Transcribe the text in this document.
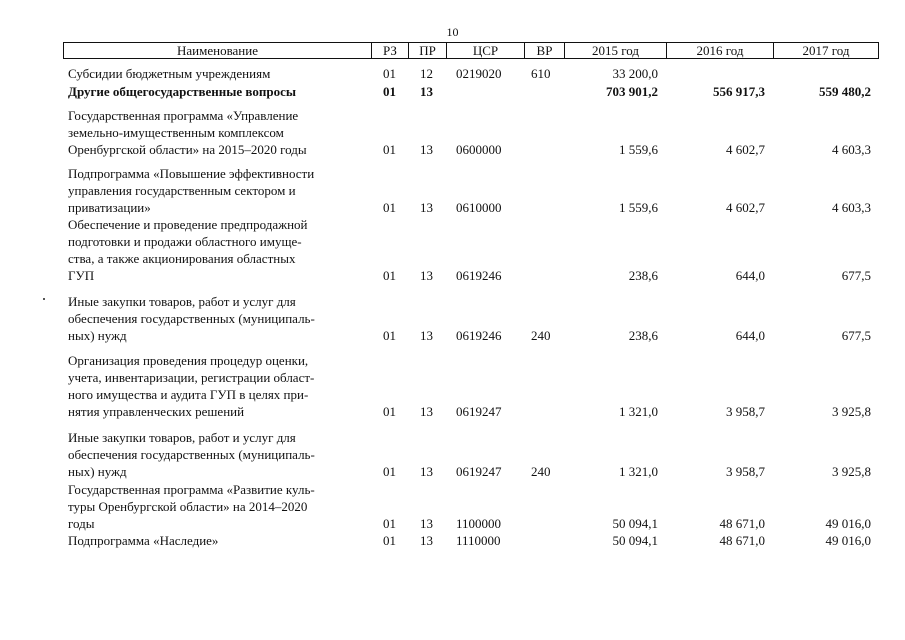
10
Наименование	РЗ	ПР	ЦСР	ВР	2015 год	2016 год	2017 год
Субсидии бюджетным учреждениям	01 12 0219020 610	33 200,0
Другие общегосударственные вопросы	01 13	703 901,2	556 917,3	559 480,2
Государственная программа «Управление
земельно-имущественным комплексом
Оренбургской области» на 2015–2020 годы	01 13 0600000	1 559,6	4 602,7	4 603,3
Подпрограмма «Повышение эффективности
управления государственным сектором и
приватизации»	01 13 0610000	1 559,6	4 602,7	4 603,3
Обеспечение и проведение предпродажной
подготовки и продажи областного имуще-
ства, а также акционирования областных
ГУП	01 13 0619246	238,6	644,0	677,5
Иные закупки товаров, работ и услуг для
обеспечения государственных (муниципаль-
ных) нужд	01 13 0619246 240	238,6	644,0	677,5
Организация проведения процедур оценки,
учета, инвентаризации, регистрации област-
ного имущества и аудита ГУП в целях при-
нятия управленческих решений	01 13 0619247	1 321,0	3 958,7	3 925,8
Иные закупки товаров, работ и услуг для
обеспечения государственных (муниципаль-
ных) нужд	01 13 0619247 240	1 321,0	3 958,7	3 925,8
Государственная программа «Развитие куль-
туры Оренбургской области» на 2014–2020
годы	01 13 1100000	50 094,1	48 671,0	49 016,0
Подпрограмма «Наследие»	01 13 1110000	50 094,1	48 671,0	49 016,0
